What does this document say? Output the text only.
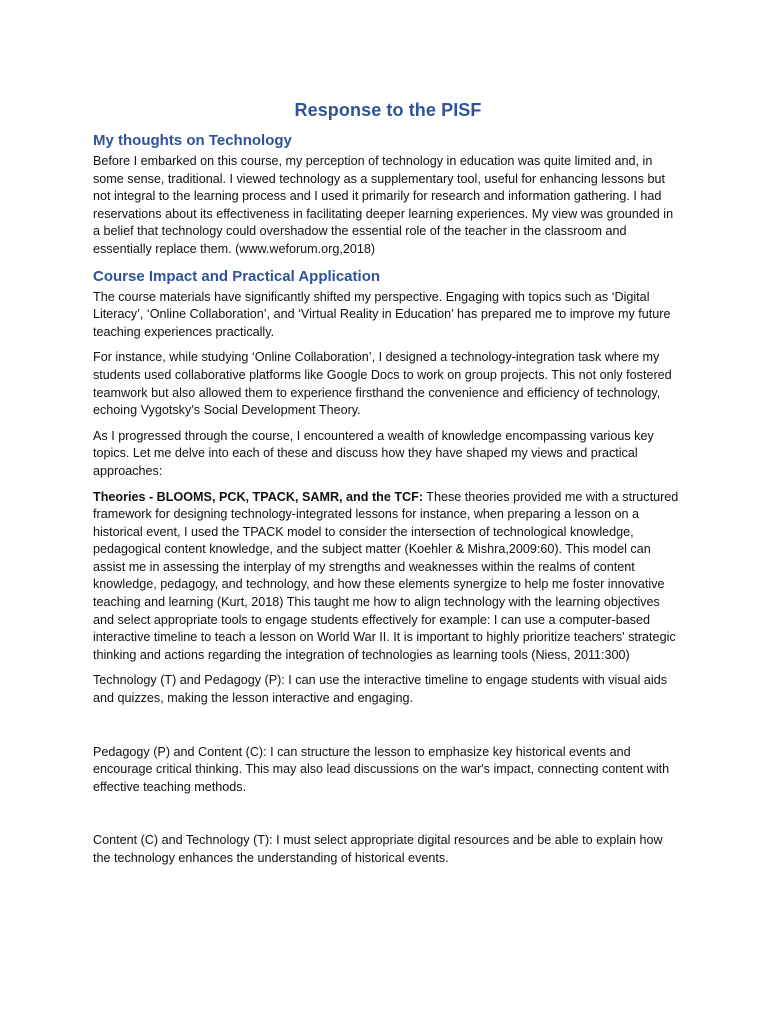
Response to the PISF
My thoughts on Technology

Before I embarked on this course, my perception of technology in education was quite limited and, in some sense, traditional. I viewed technology as a supplementary tool, useful for enhancing lessons but not integral to the learning process and I used it primarily for research and information gathering. I had reservations about its effectiveness in facilitating deeper learning experiences. My view was grounded in a belief that technology could overshadow the essential role of the teacher in the classroom and essentially replace them. (www.weforum.org,2018)

Course Impact and Practical Application

The course materials have significantly shifted my perspective. Engaging with topics such as ‘Digital Literacy’, ‘Online Collaboration’, and ‘Virtual Reality in Education’ has prepared me to improve my future teaching experiences practically.

For instance, while studying ‘Online Collaboration’, I designed a technology-integration task where my students used collaborative platforms like Google Docs to work on group projects. This not only fostered teamwork but also allowed them to experience firsthand the convenience and efficiency of technology, echoing Vygotsky’s Social Development Theory.

As I progressed through the course, I encountered a wealth of knowledge encompassing various key topics. Let me delve into each of these and discuss how they have shaped my views and practical approaches:

Theories - BLOOMS, PCK, TPACK, SAMR, and the TCF: These theories provided me with a structured framework for designing technology-integrated lessons for instance, when preparing a lesson on a historical event, I used the TPACK model to consider the intersection of technological knowledge, pedagogical content knowledge, and the subject matter (Koehler & Mishra,2009:60). This model can assist me in assessing the interplay of my strengths and weaknesses within the realms of content knowledge, pedagogy, and technology, and how these elements synergize to help me foster innovative teaching and learning (Kurt, 2018) This taught me how to align technology with the learning objectives and select appropriate tools to engage students effectively for example: I can use a computer-based interactive timeline to teach a lesson on World War II. It is important to highly prioritize teachers' strategic thinking and actions regarding the integration of technologies as learning tools (Niess, 2011:300)

Technology (T) and Pedagogy (P): I can use the interactive timeline to engage students with visual aids and quizzes, making the lesson interactive and engaging.

Pedagogy (P) and Content (C): I can structure the lesson to emphasize key historical events and encourage critical thinking. This may also lead discussions on the war's impact, connecting content with effective teaching methods.

Content (C) and Technology (T): I must select appropriate digital resources and be able to explain how the technology enhances the understanding of historical events.
